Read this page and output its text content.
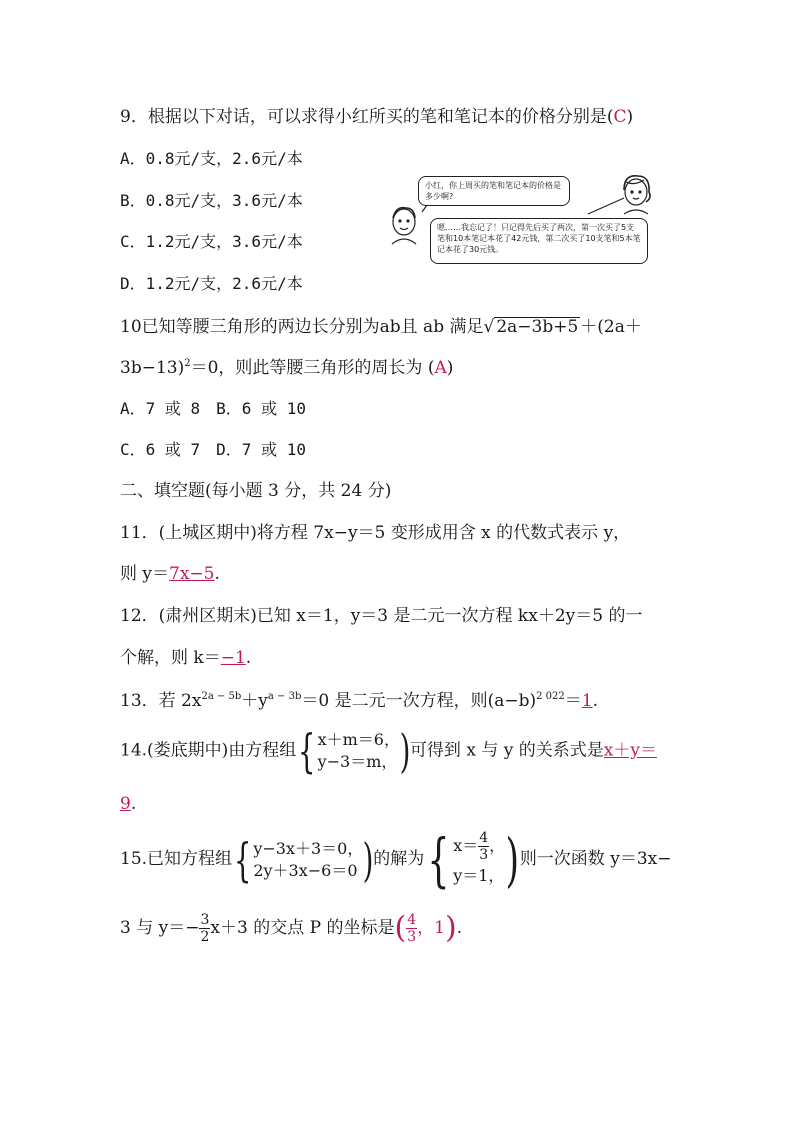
9．根据以下对话，可以求得小红所买的笔和笔记本的价格分别是(C)
A．0.8元/支，2.6元/本
B．0.8元/支，3.6元/本
C．1.2元/支，3.6元/本
D．1.2元/支，2.6元/本
小红，你上周买的笔和笔记本的价格是多少啊?
嗯……我忘记了！只记得先后买了两次，第一次买了5支笔和10本笔记本花了42元钱，第二次买了10支笔和5本笔记本花了30元钱。
10已知等腰三角形的两边长分别为ab且 ab 满足√ 2a−3b+5 ＋(2a＋
3b−13)$^2$＝0，则此等腰三角形的周长为 (A)
A．7 或 8　B．6 或 10
C．6 或 7　D．7 或 10
二、填空题(每小题 3 分，共 24 分)
11．(上城区期中)将方程 7x−y＝5 变形成用含 x 的代数式表示 y，
则 y＝7x−5.
12．(肃州区期末)已知 x＝1，y＝3 是二元一次方程 kx＋2y＝5 的一
个解，则 k＝−1.
13．若 $2x^{2a - 5b}+y^{a - 3b}=0$ 是二元一次方程，则$(a-b)^{2 022}=1$.
14.(娄底期中)由方程组 { x＋m＝6，
y−3＝m， ) 可得到 x 与 y 的关系式是x＋y＝
9.
15.已知方程组 { y−3x＋3＝0，
2y＋3x−6＝0 ) 的解为 { $x= \frac{4}{3}$ ，
y＝1， ) 则一次函数 y＝3x−
3 与 $y=- \frac{3}{2} x+3$ 的交点 P 的坐标是( $\frac{4}{3}$ ，1).
